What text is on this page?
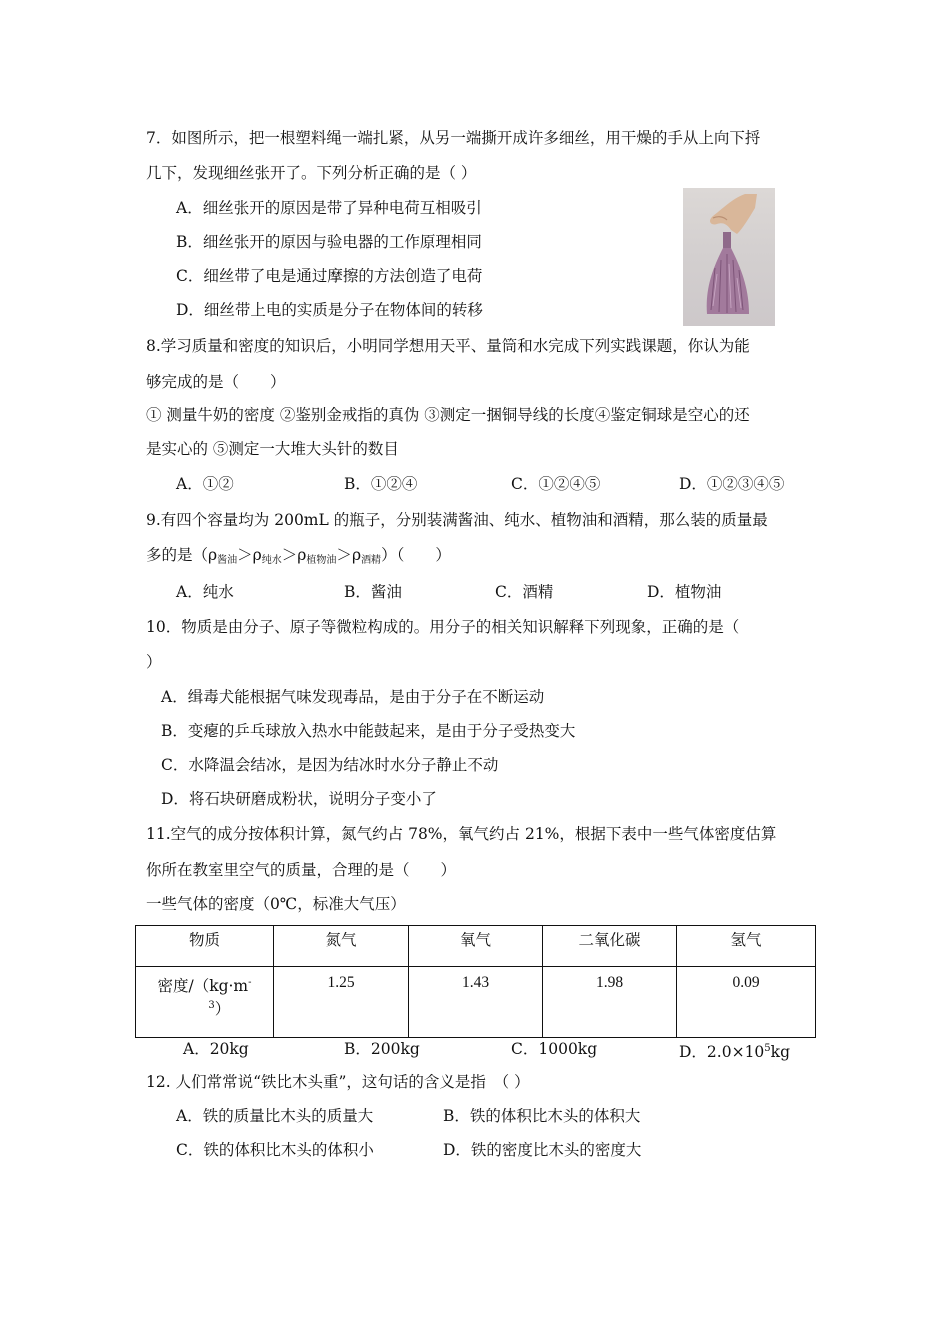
7．如图所示，把一根塑料绳一端扎紧，从另一端撕开成许多细丝，用干燥的手从上向下捋
几下，发现细丝张开了。下列分析正确的是（ ）
A．细丝张开的原因是带了异种电荷互相吸引
B．细丝张开的原因与验电器的工作原理相同
C．细丝带了电是通过摩擦的方法创造了电荷
D．细丝带上电的实质是分子在物体间的转移
8.学习质量和密度的知识后，小明同学想用天平、量筒和水完成下列实践课题，你认为能
够完成的是（　　）
① 测量牛奶的密度 ②鉴别金戒指的真伪 ③测定一捆铜导线的长度④鉴定铜球是空心的还
是实心的 ⑤测定一大堆大头针的数目
A．①②	B．①②④	C．①②④⑤	D．①②③④⑤
9.有四个容量均为 200mL 的瓶子，分别装满酱油、纯水、植物油和酒精，那么装的质量最
多的是$(\rho_{酱油}>\rho_{纯水}>\rho_{植物油}>\rho_{酒精})$（　　）
A．纯水	B．酱油	C．酒精	D．植物油
10．物质是由分子、原子等微粒构成的。用分子的相关知识解释下列现象，正确的是（
）
A．缉毒犬能根据气味发现毒品，是由于分子在不断运动
B．变瘪的乒乓球放入热水中能鼓起来，是由于分子受热变大
C．水降温会结冰，是因为结冰时水分子静止不动
D．将石块研磨成粉状，说明分子变小了
11.空气的成分按体积计算，氮气约占 78%，氧气约占 21%，根据下表中一些气体密度估算
你所在教室里空气的质量，合理的是（　　）
一些气体的密度（0℃，标准大气压）
物质	氮气	氧气	二氧化碳	氢气
密度/（kg·m-
$^3$）	1.25	1.43	1.98	0.09
A．20kg	B．200kg	C．1000kg	D．$2.0\times 10^5kg$
12. 人们常常说“铁比木头重”，这句话的含义是指　（ ）
A．铁的质量比木头的质量大	B．铁的体积比木头的体积大
C．铁的体积比木头的体积小	D．铁的密度比木头的密度大
